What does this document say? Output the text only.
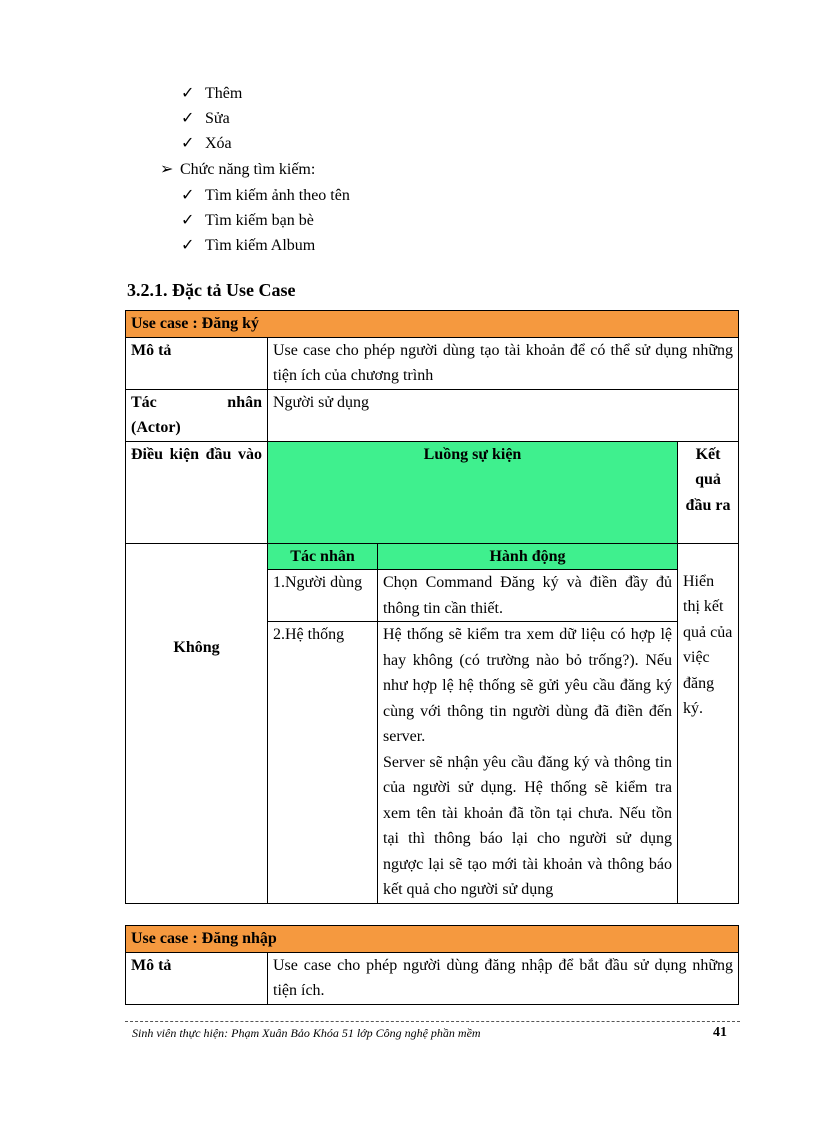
✓ Thêm
✓ Sửa
✓ Xóa
➢ Chức năng tìm kiếm:
✓ Tìm kiếm ảnh theo tên
✓ Tìm kiếm bạn bè
✓ Tìm kiếm Album
3.2.1. Đặc tả Use Case
Use case : Đăng ký			
Mô tả	Use case cho phép người dùng tạo tài khoản để có thể sử dụng những tiện ích của chương trình		

Tác nhân
(Actor)	Người sử dụng		
Điều kiện đầu vào	Luồng sự kiện		Kết quả đầu ra
Không	Tác nhân	Hành động	Hiển thị kết quả của việc đăng ký.
	1.Người dùng	Chọn Command Đăng ký và điền đầy đủ thông tin cần thiết.	
	2.Hệ thống	Hệ thống sẽ kiểm tra xem dữ liệu có hợp lệ hay không (có trường nào bỏ trống?). Nếu như hợp lệ hệ thống sẽ gửi yêu cầu đăng ký cùng với thông tin người dùng đã điền đến server.
Server sẽ nhận yêu cầu đăng ký và thông tin của người sử dụng. Hệ thống sẽ kiểm tra xem tên tài khoản đã tồn tại chưa. Nếu tồn tại thì thông báo lại cho người sử dụng ngược lại sẽ tạo mới tài khoản và thông báo kết quả cho người sử dụng	
Use case : Đăng nhập
Mô tả	Use case cho phép người dùng đăng nhập để bắt đầu sử dụng những tiện ích.
Sinh viên thực hiện: Phạm Xuân Bảo Khóa 51 lớp Công nghệ phần mềm	41
